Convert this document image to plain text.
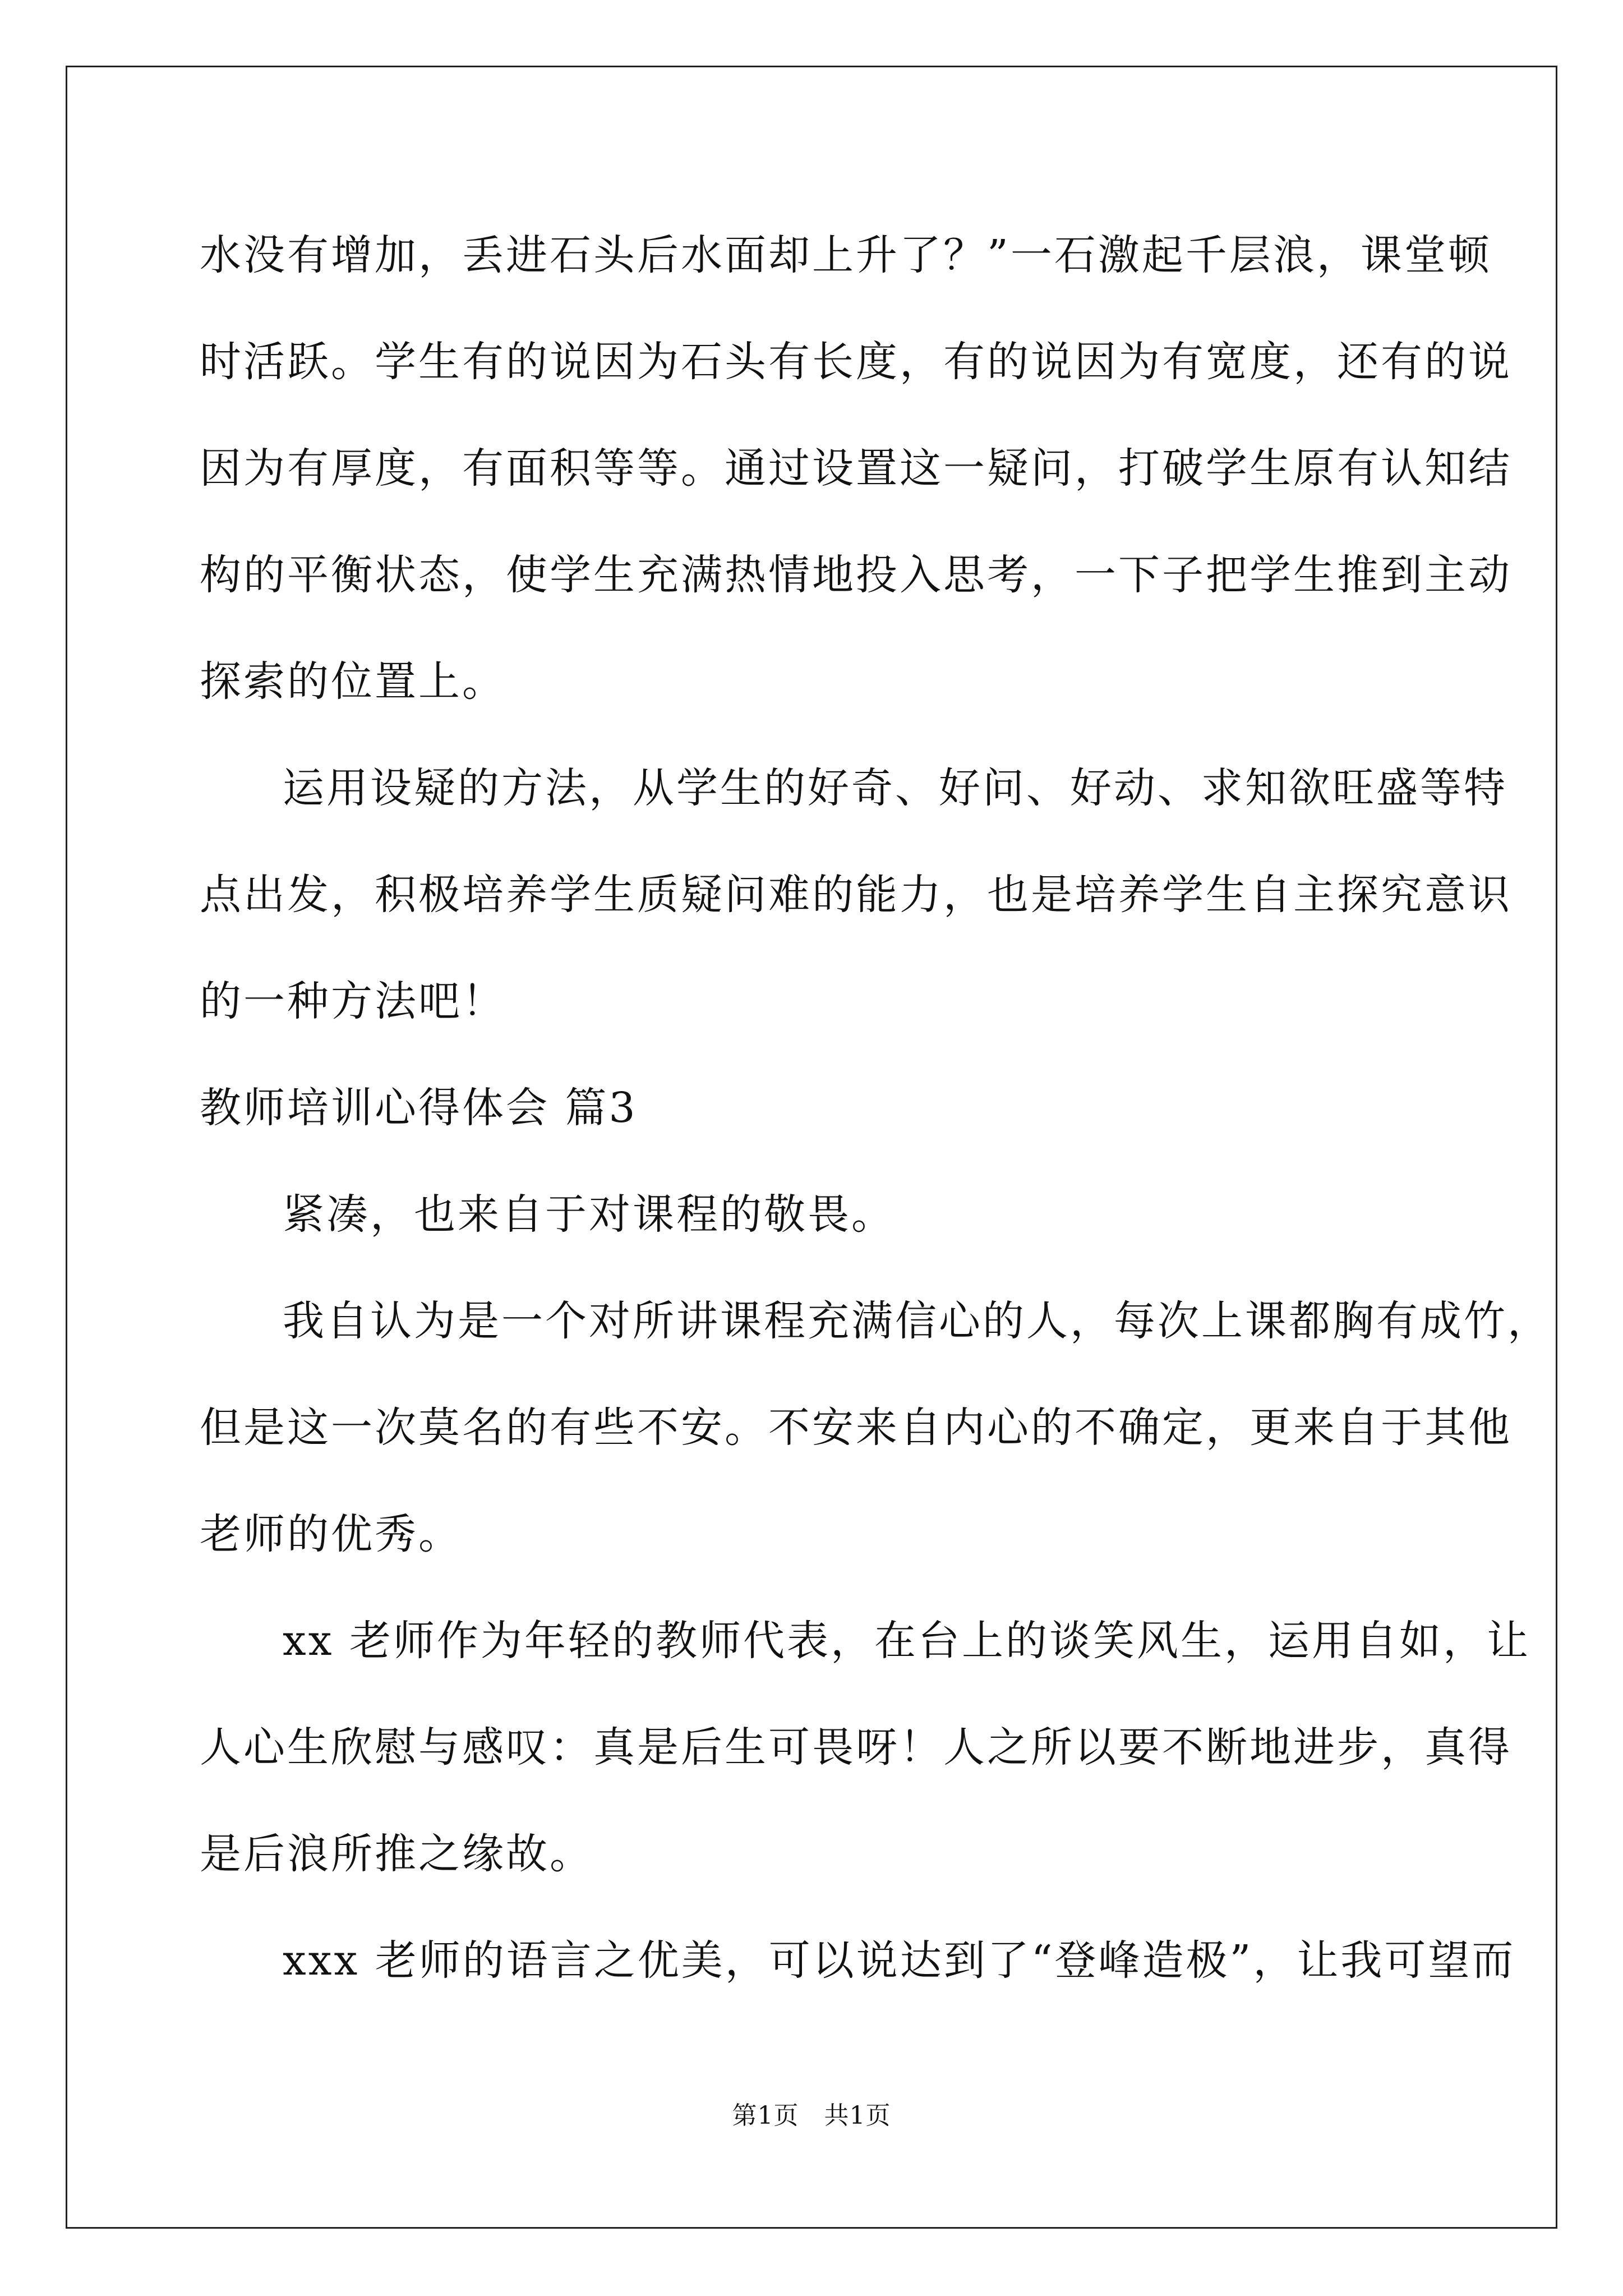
水没有增加，丢进石头后水面却上升了？”一石激起千层浪，课堂顿
时活跃。学生有的说因为石头有长度，有的说因为有宽度，还有的说
因为有厚度，有面积等等。通过设置这一疑问，打破学生原有认知结
构的平衡状态，使学生充满热情地投入思考，一下子把学生推到主动
探索的位置上。
运用设疑的方法，从学生的好奇、好问、好动、求知欲旺盛等特
点出发，积极培养学生质疑问难的能力，也是培养学生自主探究意识
的一种方法吧！
教师培训心得体会 篇3
紧凑，也来自于对课程的敬畏。
我自认为是一个对所讲课程充满信心的人，每次上课都胸有成竹，
但是这一次莫名的有些不安。不安来自内心的不确定，更来自于其他
老师的优秀。
xx 老师作为年轻的教师代表，在台上的谈笑风生，运用自如，让
人心生欣慰与感叹：真是后生可畏呀！人之所以要不断地进步，真得
是后浪所推之缘故。
xxx 老师的语言之优美，可以说达到了“登峰造极”，让我可望而
第1页   共1页
